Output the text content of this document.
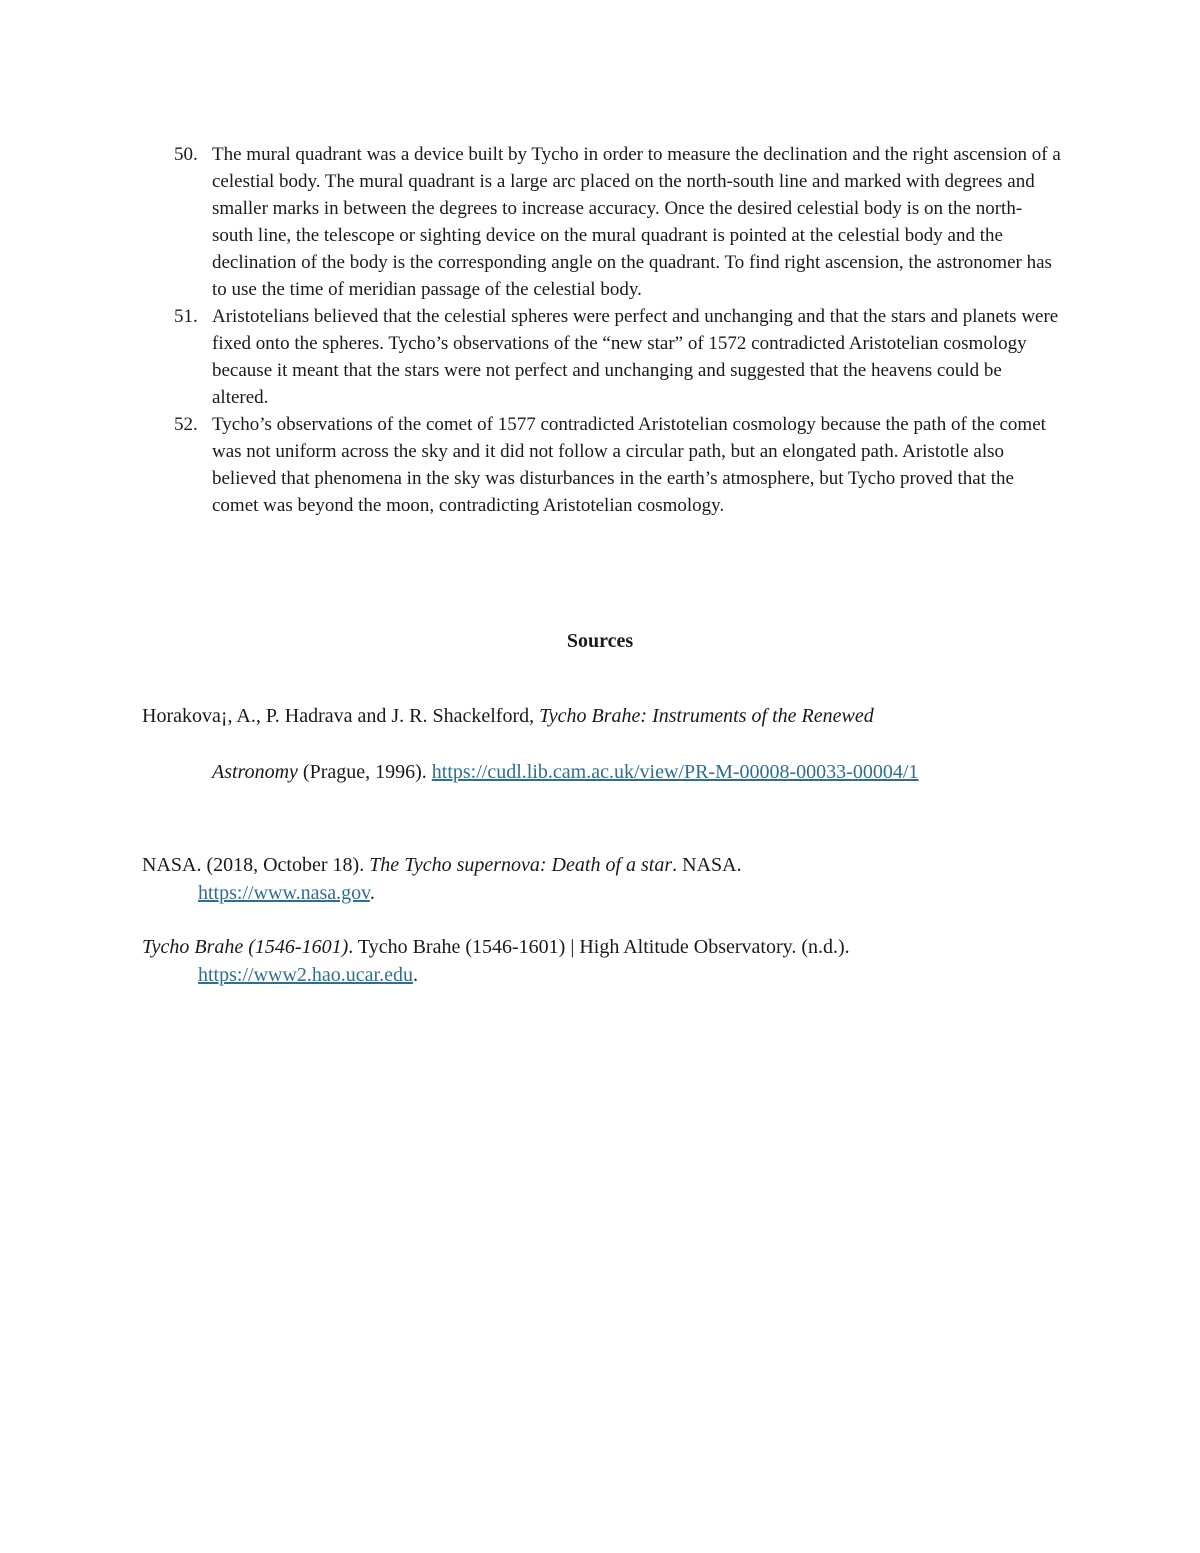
50. The mural quadrant was a device built by Tycho in order to measure the declination and the right ascension of a celestial body. The mural quadrant is a large arc placed on the north-south line and marked with degrees and smaller marks in between the degrees to increase accuracy. Once the desired celestial body is on the north-south line, the telescope or sighting device on the mural quadrant is pointed at the celestial body and the declination of the body is the corresponding angle on the quadrant. To find right ascension, the astronomer has to use the time of meridian passage of the celestial body.
51. Aristotelians believed that the celestial spheres were perfect and unchanging and that the stars and planets were fixed onto the spheres. Tycho’s observations of the “new star” of 1572 contradicted Aristotelian cosmology because it meant that the stars were not perfect and unchanging and suggested that the heavens could be altered.
52. Tycho’s observations of the comet of 1577 contradicted Aristotelian cosmology because the path of the comet was not uniform across the sky and it did not follow a circular path, but an elongated path. Aristotle also believed that phenomena in the sky was disturbances in the earth’s atmosphere, but Tycho proved that the comet was beyond the moon, contradicting Aristotelian cosmology.
Sources

Horakova¡, A., P. Hadrava and J. R. Shackelford, Tycho Brahe: Instruments of the Renewed
Astronomy (Prague, 1996). https://cudl.lib.cam.ac.uk/view/PR-M-00008-00033-00004/1

NASA. (2018, October 18). The Tycho supernova: Death of a star. NASA.
https://www.nasa.gov.

Tycho Brahe (1546-1601). Tycho Brahe (1546-1601) | High Altitude Observatory. (n.d.).
https://www2.hao.ucar.edu.
